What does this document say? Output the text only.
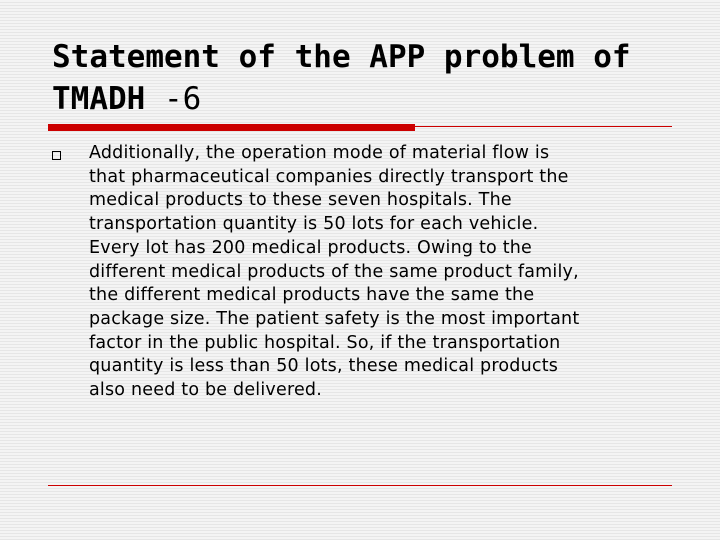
Statement of the APP problem of TMADH -6

Additionally, the operation mode of material flow is
that pharmaceutical companies directly transport the
medical products to these seven hospitals. The
transportation quantity is 50 lots for each vehicle.
Every lot has 200 medical products. Owing to the
different medical products of the same product family,
the different medical products have the same the
package size. The patient safety is the most important
factor in the public hospital. So, if the transportation
quantity is less than 50 lots, these medical products
also need to be delivered.
